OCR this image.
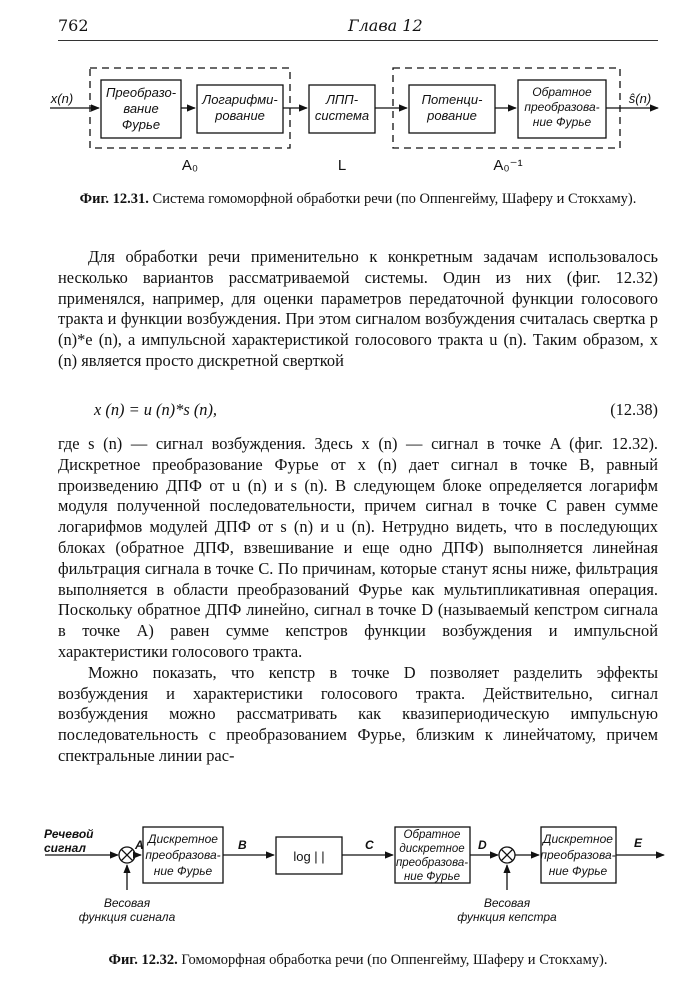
762	Глава 12
x(n)	ŝ(n)
Преобразо-
вание
Фурье
Логарифми-
рование
ЛПП-
система
Потенци-
рование
Обратное
преобразова-
ние Фурье
A₀	L	A₀⁻¹
Фиг. 12.31. Система гомоморфной обработки речи (по Оппенгейму, Шаферу и Стокхаму).

Для обработки речи применительно к конкретным задачам использовалось несколько вариантов рассматриваемой системы. Один из них (фиг. 12.32) применялся, например, для оценки параметров передаточной функции голосового тракта и функции возбуждения. При этом сигналом возбуждения считалась свертка p (n)*e (n), а импульсной характеристикой голосового тракта u (n). Таким образом, x (n) является просто дискретной сверткой

x (n) = u (n)*s (n),	(12.38)

где s (n) — сигнал возбуждения. Здесь x (n) — сигнал в точке A (фиг. 12.32). Дискретное преобразование Фурье от x (n) дает сигнал в точке B, равный произведению ДПФ от u (n) и s (n). В следующем блоке определяется логарифм модуля полученной последовательности, причем сигнал в точке C равен сумме логарифмов модулей ДПФ от s (n) и u (n). Нетрудно видеть, что в последующих блоках (обратное ДПФ, взвешивание и еще одно ДПФ) выполняется линейная фильтрация сигнала в точке C. По причинам, которые станут ясны ниже, фильтрация выполняется в области преобразований Фурье как мультипликативная операция. Поскольку обратное ДПФ линейно, сигнал в точке D (называемый кепстром сигнала в точке A) равен сумме кепстров функции возбуждения и импульсной характеристики голосового тракта.

Можно показать, что кепстр в точке D позволяет разделить эффекты возбуждения и характеристики голосового тракта. Действительно, сигнал возбуждения можно рассматривать как квазипериодическую импульсную последовательность с преобразованием Фурье, близким к линейчатому, причем спектральные линии рас-

Речевой
сигнал
Дискретное
преобразова-
ние Фурье
log | |
Обратное
дискретное
преобразова-
ние Фурье
Дискретное
преобразова-
ние Фурье
Весовая
функция сигнала
Весовая
функция кепстра
A	B	C	D	E
Фиг. 12.32. Гомоморфная обработка речи (по Оппенгейму, Шаферу и Стокхаму).
